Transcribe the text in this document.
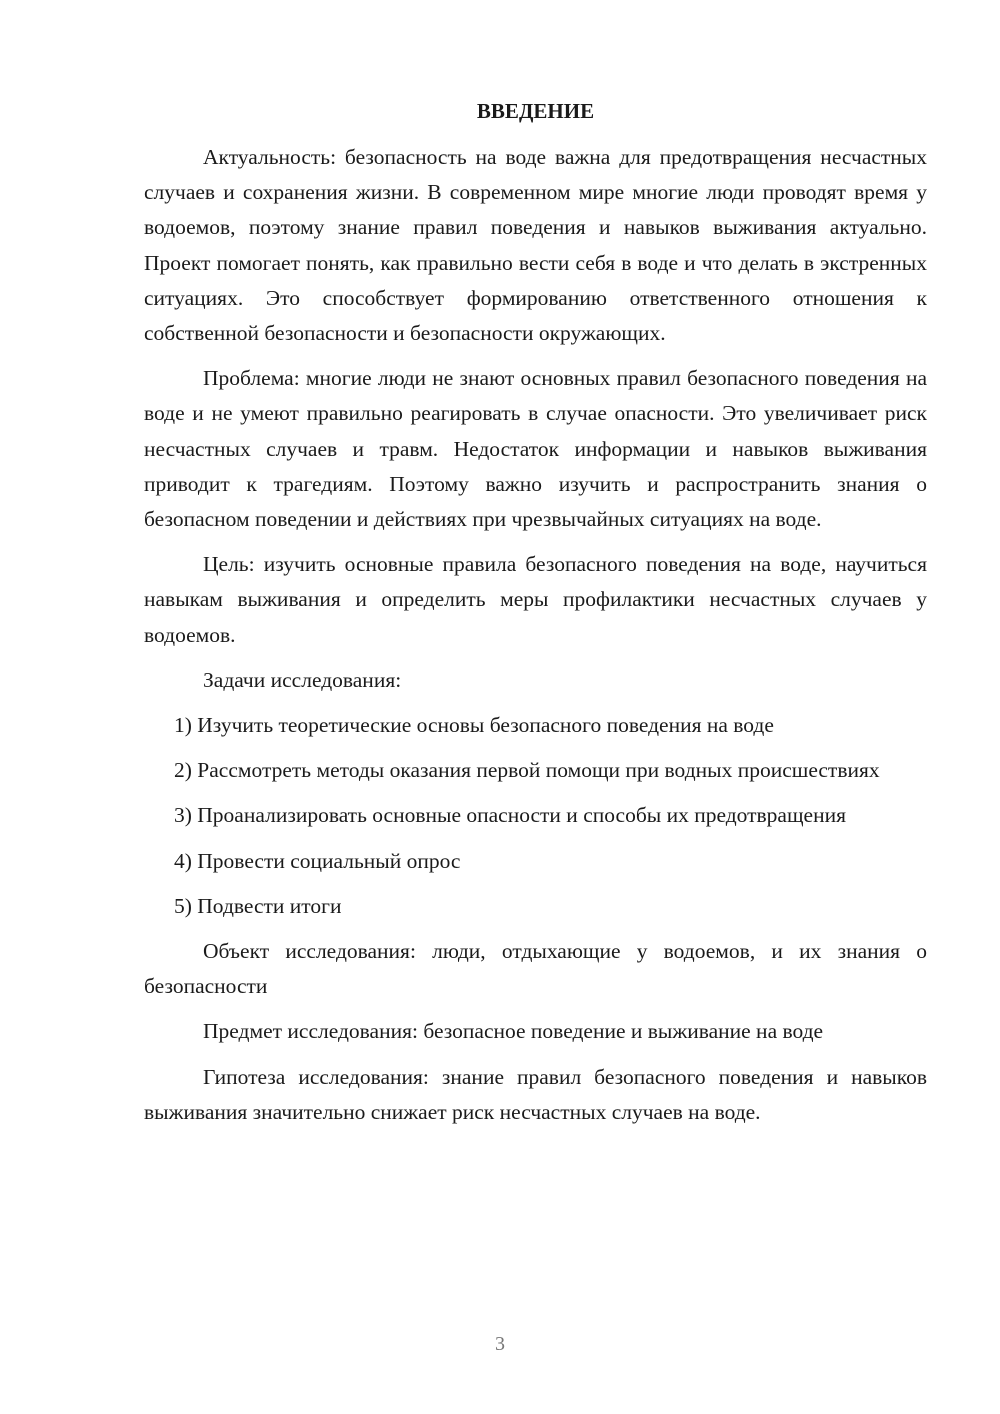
ВВЕДЕНИЕ

Актуальность: безопасность на воде важна для предотвращения несчастных случаев и сохранения жизни. В современном мире многие люди проводят время у водоемов, поэтому знание правил поведения и навыков выживания актуально. Проект помогает понять, как правильно вести себя в воде и что делать в экстренных ситуациях. Это способствует формированию ответственного отношения к собственной безопасности и безопасности окружающих.

Проблема: многие люди не знают основных правил безопасного поведения на воде и не умеют правильно реагировать в случае опасности. Это увеличивает риск несчастных случаев и травм. Недостаток информации и навыков выживания приводит к трагедиям. Поэтому важно изучить и распространить знания о безопасном поведении и действиях при чрезвычайных ситуациях на воде.

Цель: изучить основные правила безопасного поведения на воде, научиться навыкам выживания и определить меры профилактики несчастных случаев у водоемов.

Задачи исследования:

1) Изучить теоретические основы безопасного поведения на воде

2) Рассмотреть методы оказания первой помощи при водных происшествиях

3) Проанализировать основные опасности и способы их предотвращения

4) Провести социальный опрос

5) Подвести итоги

Объект исследования: люди, отдыхающие у водоемов, и их знания о безопасности

Предмет исследования: безопасное поведение и выживание на воде

Гипотеза исследования: знание правил безопасного поведения и навыков выживания значительно снижает риск несчастных случаев на воде.

3
